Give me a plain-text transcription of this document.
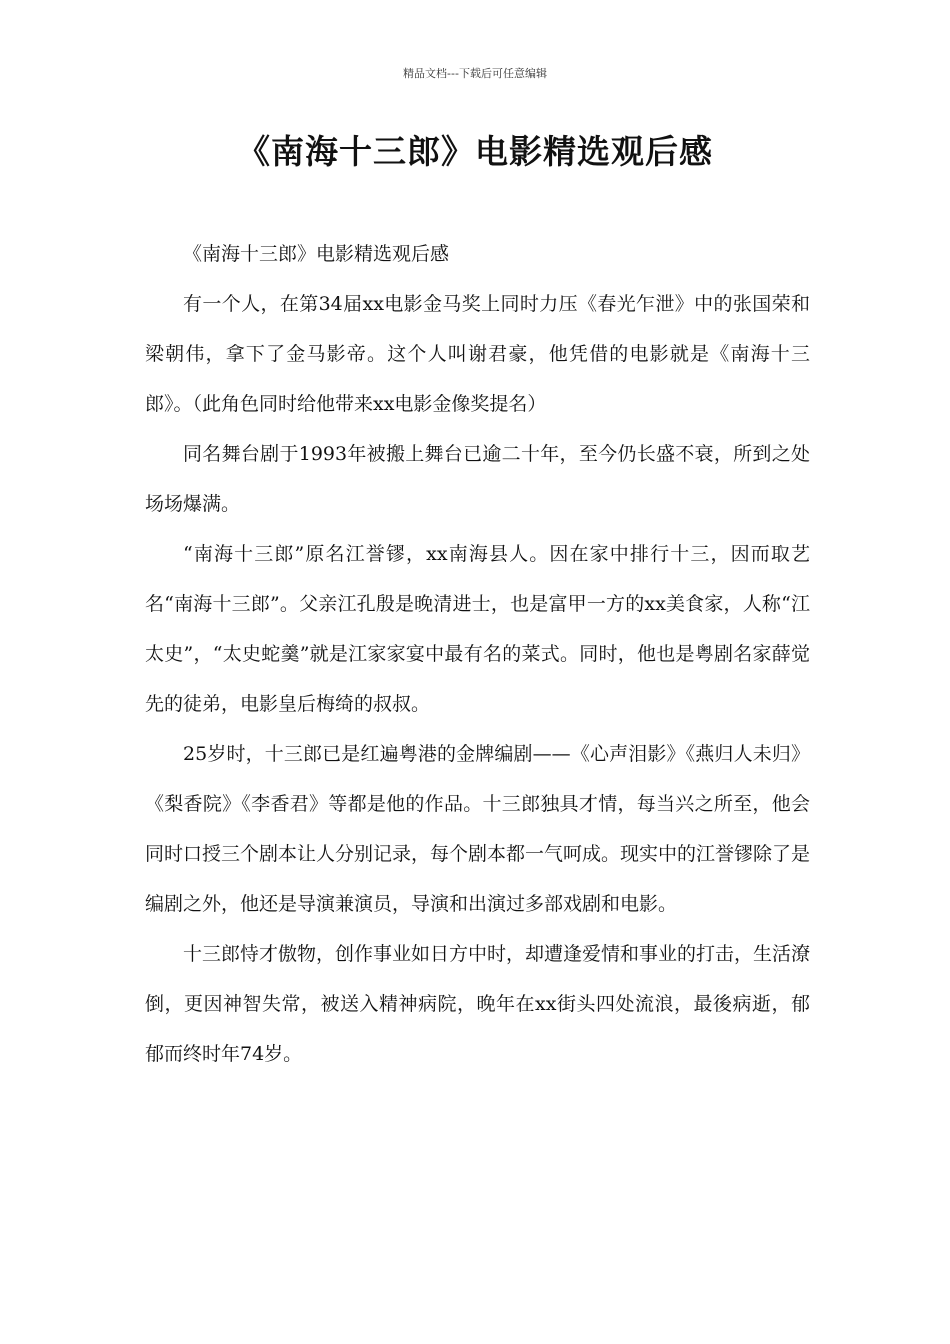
精品文档---下载后可任意编辑
《南海十三郎》电影精选观后感

《南海十三郎》电影精选观后感

有一个人，在第34届xx电影金马奖上同时力压《春光乍泄》中的张国荣和梁朝伟，拿下了金马影帝。这个人叫谢君豪，他凭借的电影就是《南海十三郎》。（此角色同时给他带来xx电影金像奖提名）

同名舞台剧于1993年被搬上舞台已逾二十年，至今仍长盛不衰，所到之处场场爆满。

“南海十三郎”原名江誉镠，xx南海县人。因在家中排行十三，因而取艺名“南海十三郎”。父亲江孔殷是晚清进士，也是富甲一方的xx美食家，人称“江太史”，“太史蛇羹”就是江家家宴中最有名的菜式。同时，他也是粤剧名家薛觉先的徒弟，电影皇后梅绮的叔叔。

25岁时，十三郎已是红遍粤港的金牌编剧——《心声泪影》《燕归人未归》《梨香院》《李香君》等都是他的作品。十三郎独具才情，每当兴之所至，他会同时口授三个剧本让人分别记录，每个剧本都一气呵成。现实中的江誉镠除了是编剧之外，他还是导演兼演员，导演和出演过多部戏剧和电影。

十三郎恃才傲物，创作事业如日方中时，却遭逢爱情和事业的打击，生活潦倒，更因神智失常，被送入精神病院，晚年在xx街头四处流浪，最後病逝，郁郁而终时年74岁。
